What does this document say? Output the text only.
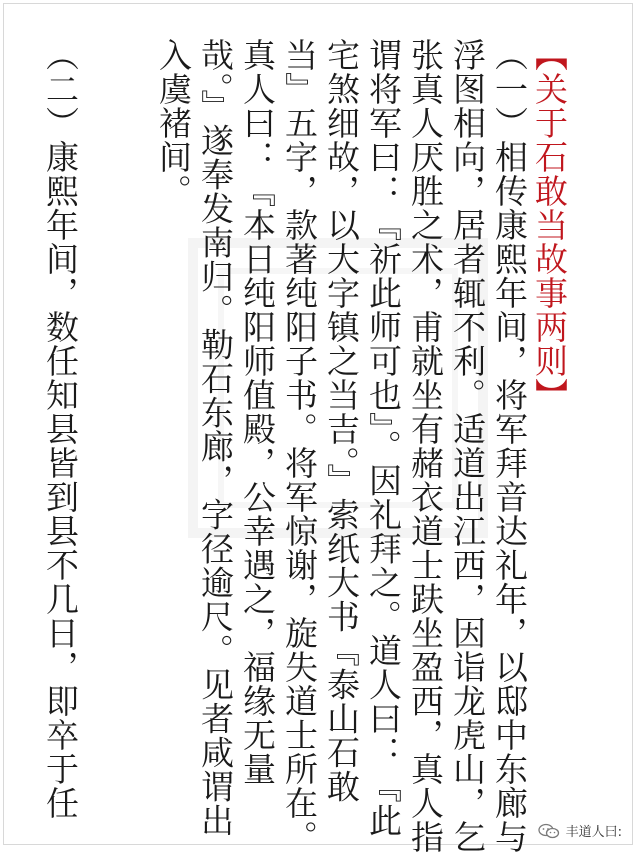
【关于石敢当故事两则】
（一）相传康熙年间，将军拜音达礼年，以邸中东廊与
浮图相向，居者辄不利。适道出江西，因诣龙虎山，乞
张真人厌胜之术，甫就坐有赭衣道士趺坐盈西，真人指
谓将军曰：『祈此师可也』。因礼拜之。道人曰：『此
宅煞细故，以大字镇之当吉。』索纸大书『泰山石敢
当』五字，款著纯阳子书。将军惊谢，旋失道士所在。
真人曰：『本日纯阳师值殿，公幸遇之，福缘无量
哉。』遂奉发南归。勒石东廊，字径逾尺。见者咸谓出
入虞褚间。
（二）康熙年间，数任知县皆到县不几日，即卒于任
丰道人曰:
